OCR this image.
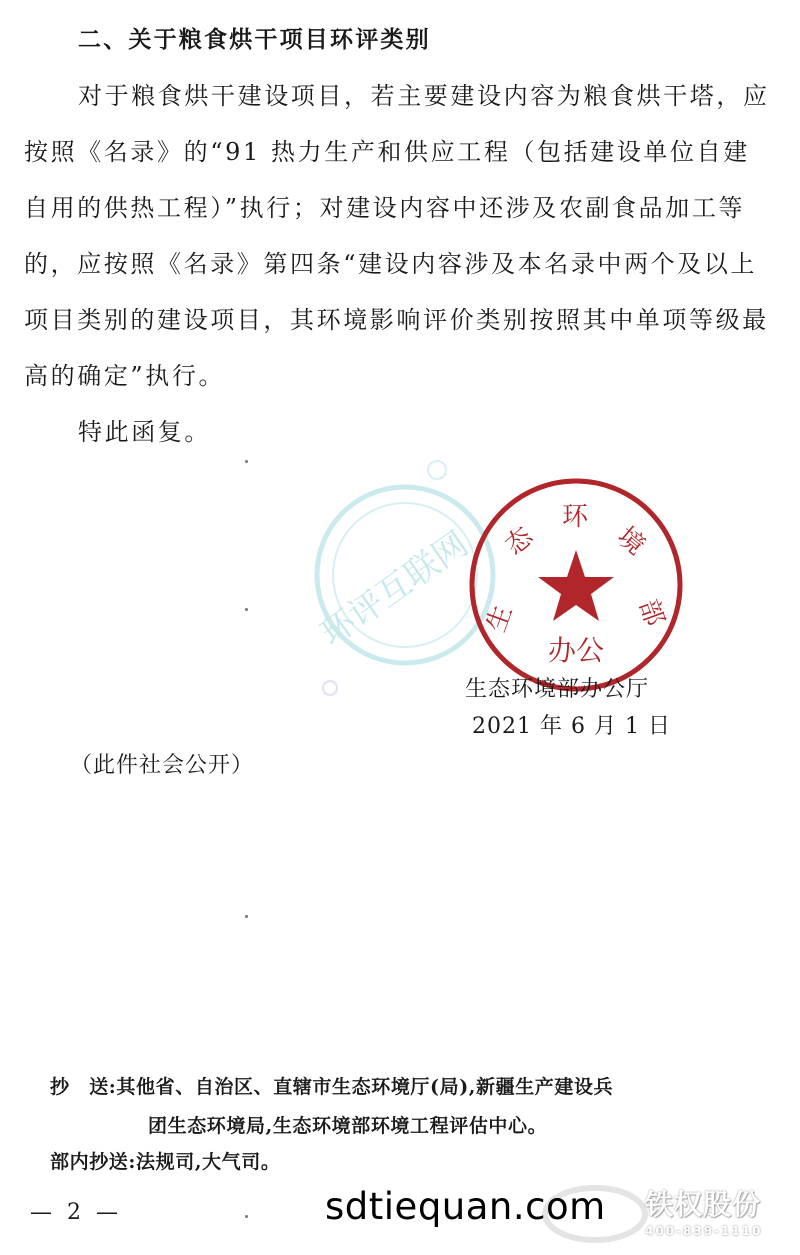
二、关于粮食烘干项目环评类别
对于粮食烘干建设项目，若主要建设内容为粮食烘干塔，应
按照《名录》的“91 热力生产和供应工程（包括建设单位自建
自用的供热工程）”执行；对建设内容中还涉及农副食品加工等
的，应按照《名录》第四条“建设内容涉及本名录中两个及以上
项目类别的建设项目，其环境影响评价类别按照其中单项等级最
高的确定”执行。
特此函复。
环评互联网 生
态
环
境
部
办公
生态环境部办公厅
2021 年 6 月 1 日
（此件社会公开）
抄　送:其他省、自治区、直辖市生态环境厅(局),新疆生产建设兵
团生态环境局,生态环境部环境工程评估中心。
部内抄送:法规司,大气司。
— 2 —	铁权股份
400-839-1110
sdtiequan.com
